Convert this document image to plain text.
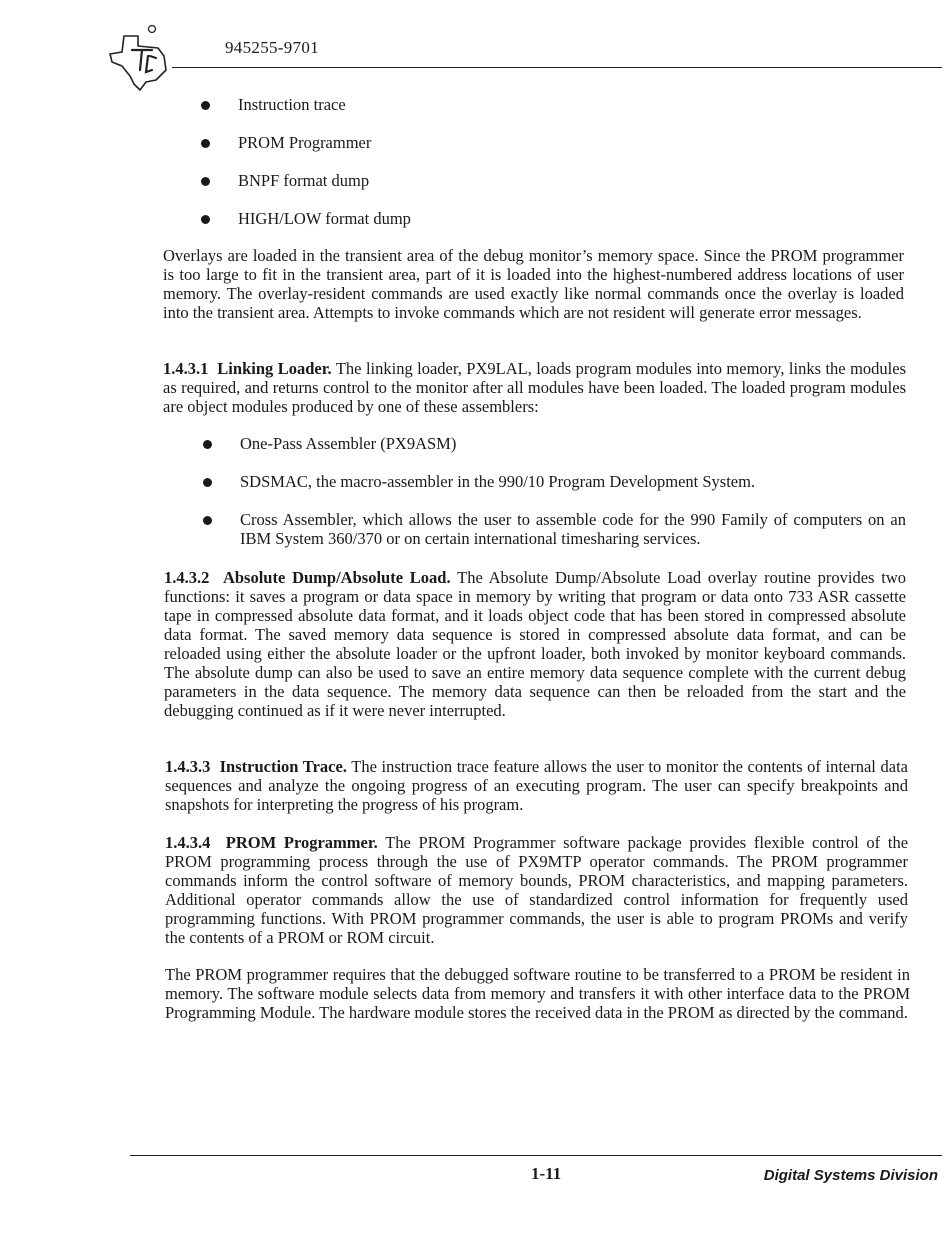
945255-9701
Instruction trace
PROM Programmer
BNPF format dump
HIGH/LOW format dump

Overlays are loaded in the transient area of the debug monitor’s memory space. Since the PROM programmer is too large to fit in the transient area, part of it is loaded into the highest-numbered address locations of user memory. The overlay-resident commands are used exactly like normal commands once the overlay is loaded into the transient area. Attempts to invoke commands which are not resident will generate error messages.

1.4.3.1 Linking Loader. The linking loader, PX9LAL, loads program modules into memory, links the modules as required, and returns control to the monitor after all modules have been loaded. The loaded program modules are object modules produced by one of these assemblers:

One-Pass Assembler (PX9ASM)
SDSMAC, the macro-assembler in the 990/10 Program Development System.
Cross Assembler, which allows the user to assemble code for the 990 Family of computers on an IBM System 360/370 or on certain international timesharing services.

1.4.3.2 Absolute Dump/Absolute Load. The Absolute Dump/Absolute Load overlay routine provides two functions: it saves a program or data space in memory by writing that program or data onto 733 ASR cassette tape in compressed absolute data format, and it loads object code that has been stored in compressed absolute data format. The saved memory data sequence is stored in compressed absolute data format, and can be reloaded using either the absolute loader or the upfront loader, both invoked by monitor keyboard commands. The absolute dump can also be used to save an entire memory data sequence complete with the current debug parameters in the data sequence. The memory data sequence can then be reloaded from the start and the debugging continued as if it were never interrupted.

1.4.3.3 Instruction Trace. The instruction trace feature allows the user to monitor the contents of internal data sequences and analyze the ongoing progress of an executing program. The user can specify breakpoints and snapshots for interpreting the progress of his program.

1.4.3.4 PROM Programmer. The PROM Programmer software package provides flexible control of the PROM programming process through the use of PX9MTP operator commands. The PROM programmer commands inform the control software of memory bounds, PROM characteristics, and mapping parameters. Additional operator commands allow the use of standardized control information for frequently used programming functions. With PROM programmer commands, the user is able to program PROMs and verify the contents of a PROM or ROM circuit.

The PROM programmer requires that the debugged software routine to be transferred to a PROM be resident in memory. The software module selects data from memory and transfers it with other interface data to the PROM Programming Module. The hardware module stores the received data in the PROM as directed by the command.

1-11	Digital Systems Division
